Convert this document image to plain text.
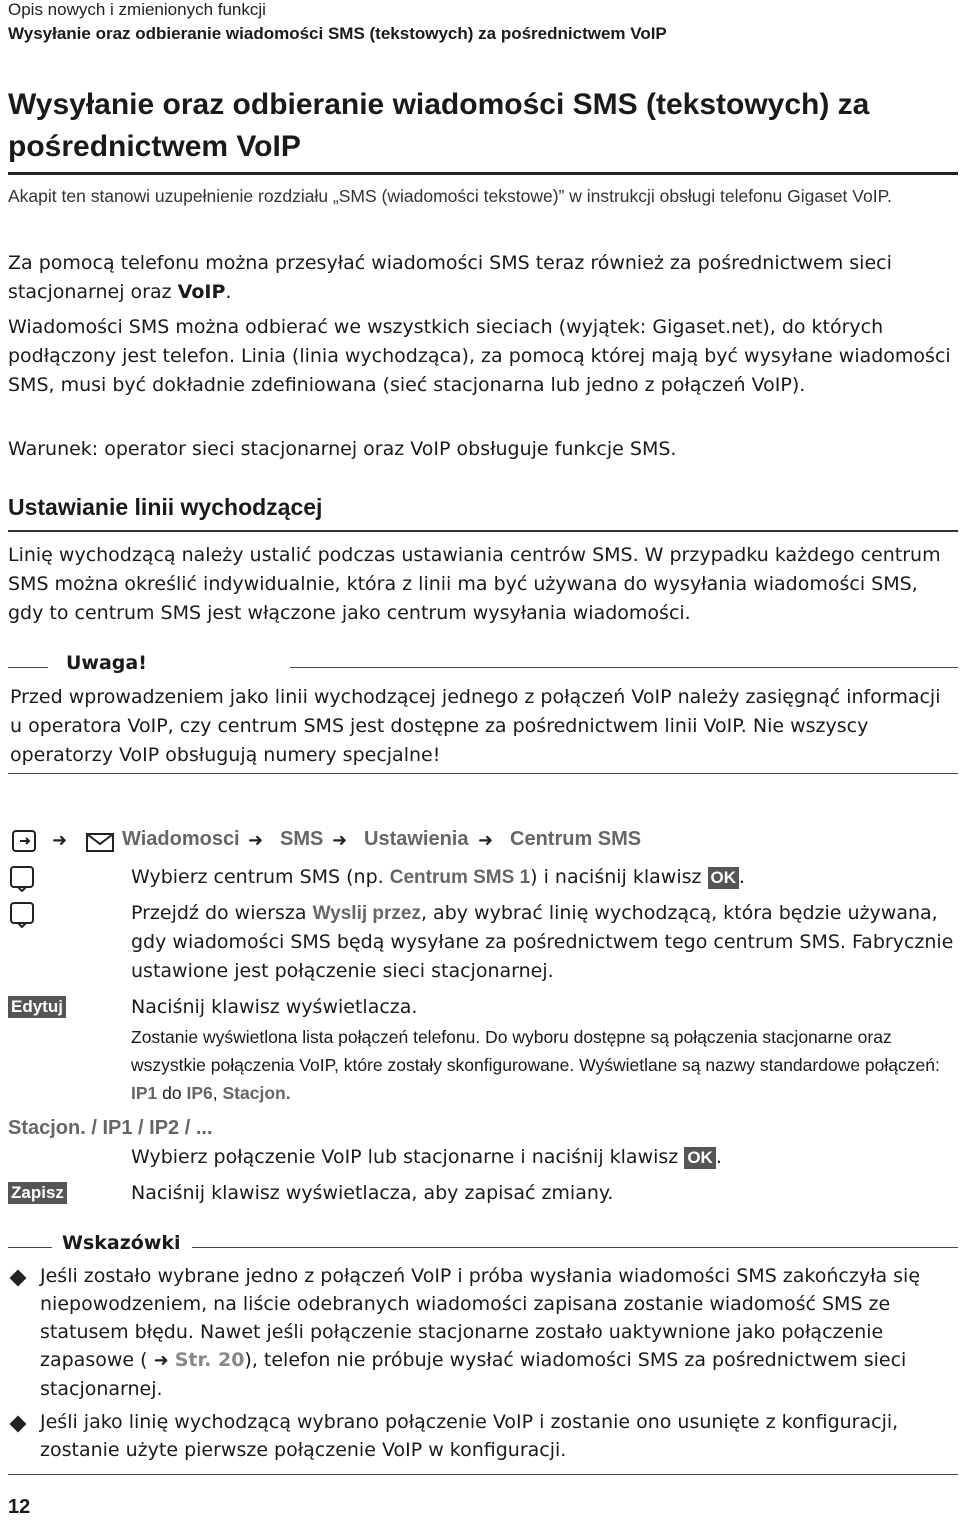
Opis nowych i zmienionych funkcji
Wysyłanie oraz odbieranie wiadomości SMS (tekstowych) za pośrednictwem VoIP
Wysyłanie oraz odbieranie wiadomości SMS (tekstowych) za
pośrednictwem VoIP
Akapit ten stanowi uzupełnienie rozdziału „SMS (wiadomości tekstowe)” w instrukcji obsługi telefonu Gigaset VoIP.
Za pomocą telefonu można przesyłać wiadomości SMS teraz również za pośrednictwem sieci stacjonarnej oraz VoIP.
Wiadomości SMS można odbierać we wszystkich sieciach (wyjątek: Gigaset.net), do których podłączony jest telefon. Linia (linia wychodząca), za pomocą której mają być wysyłane wiadomości SMS, musi być dokładnie zdefiniowana (sieć stacjonarna lub jedno z połączeń VoIP).
Warunek: operator sieci stacjonarnej oraz VoIP obsługuje funkcje SMS.
Ustawianie linii wychodzącej
Linię wychodzącą należy ustalić podczas ustawiania centrów SMS. W przypadku każdego centrum SMS można określić indywidualnie, która z linii ma być używana do wysyłania wiadomości SMS, gdy to centrum SMS jest włączone jako centrum wysyłania wiadomości.
Uwaga!
Przed wprowadzeniem jako linii wychodzącej jednego z połączeń VoIP należy zasięgnąć informacji u operatora VoIP, czy centrum SMS jest dostępne za pośrednictwem linii VoIP. Nie wszyscy operatorzy VoIP obsługują numery specjalne!
➜	Wiadomosci ➜ SMS ➜ Ustawienia ➜ Centrum SMS
Wybierz centrum SMS (np. Centrum SMS 1) i naciśnij klawisz OK .
Przejdź do wiersza Wyslij przez, aby wybrać linię wychodzącą, która będzie używana, gdy wiadomości SMS będą wysyłane za pośrednictwem tego centrum SMS. Fabrycznie ustawione jest połączenie sieci stacjonarnej.
Edytuj	Naciśnij klawisz wyświetlacza.
Zostanie wyświetlona lista połączeń telefonu. Do wyboru dostępne są połączenia stacjonarne oraz wszystkie połączenia VoIP, które zostały skonfigurowane. Wyświetlane są nazwy standardowe połączeń: IP1 do IP6, Stacjon.
Stacjon. / IP1 / IP2 / ...
Wybierz połączenie VoIP lub stacjonarne i naciśnij klawisz OK .
Zapisz	Naciśnij klawisz wyświetlacza, aby zapisać zmiany.
Wskazówki
Jeśli zostało wybrane jedno z połączeń VoIP i próba wysłania wiadomości SMS zakończyła się niepowodzeniem, na liście odebranych wiadomości zapisana zostanie wiadomość SMS ze statusem błędu. Nawet jeśli połączenie stacjonarne zostało uaktywnione jako połączenie zapasowe ( ➜ Str. 20), telefon nie próbuje wysłać wiadomości SMS za pośrednictwem sieci stacjonarnej.
Jeśli jako linię wychodzącą wybrano połączenie VoIP i zostanie ono usunięte z konfiguracji, zostanie użyte pierwsze połączenie VoIP w konfiguracji.
12
